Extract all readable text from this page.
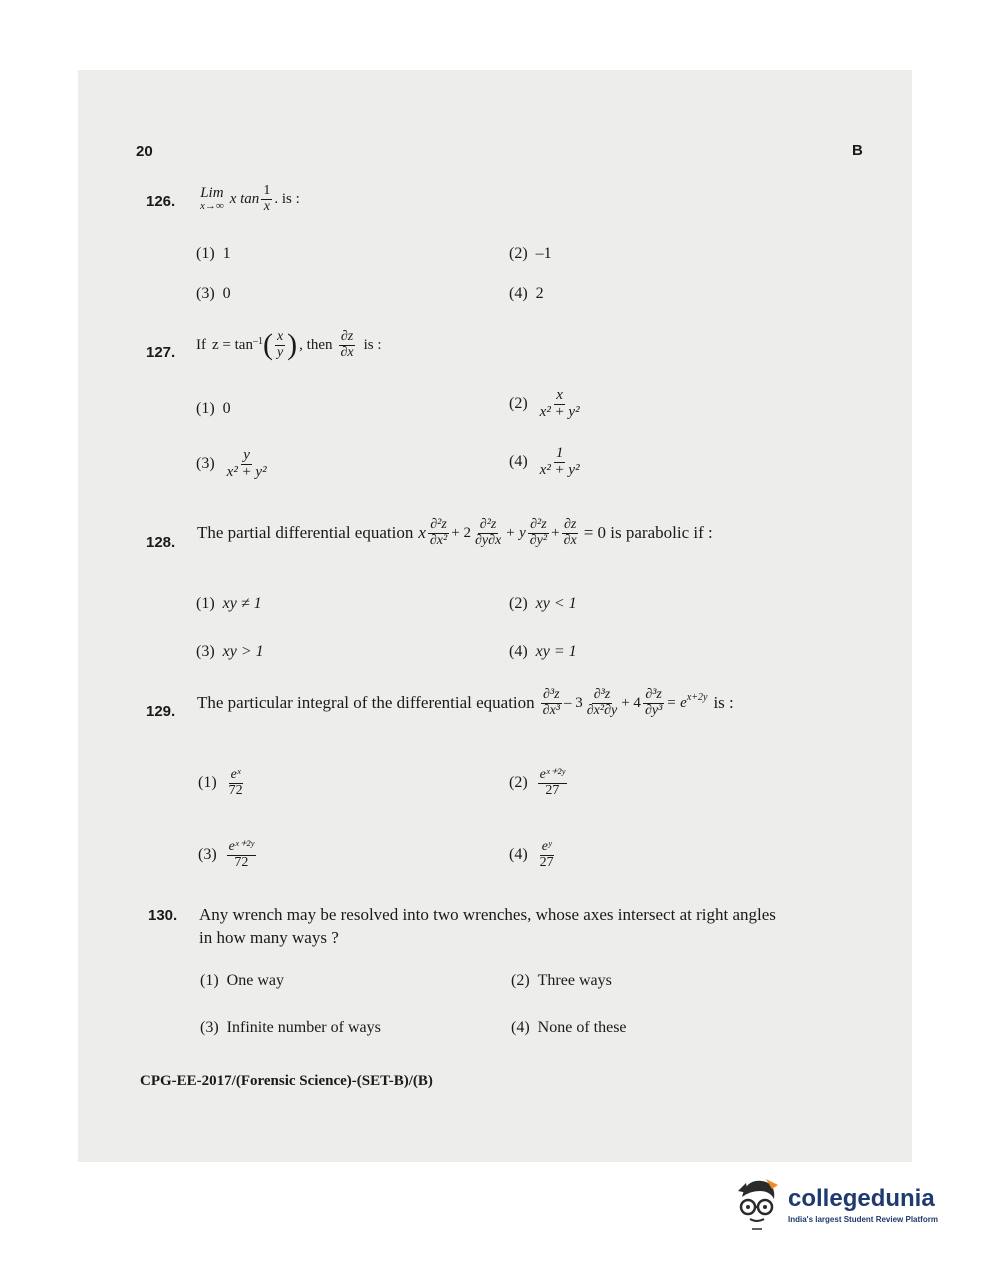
20	B
126. Lim
x→∞ x $\tan \frac{1}{x}$ . is :
(1) 1	(2) –1
(3) 0	(4) 2
127. If $z = \tan^{-1}$ ( $\frac{x}{y}$ ) , then $\frac{\partial z}{\partial x}$ is :
(1) 0	$(2) \frac{x}{\text{x² + y²}}$
$(3) \frac{y}{\text{x² + y²}}$	$(4) \frac{1}{\text{x² + y²}}$
128.
The partial differential equation x $\frac{\text{∂²z}}{\text{∂x²}} + 2 \frac{\text{∂²z}}{\partial y\partial x} + y \frac{\text{∂²z}}{\text{∂y²}} + \frac{\partial z}{\partial x} = 0$ is parabolic if :
(1) xy ≠ 1	(2) xy < 1
(3) xy > 1	(4) xy = 1
129. The particular integral of the differential equation $\frac{\text{∂³z}}{\text{∂x³}} - 3 \frac{\text{∂³z}}{\text{∂x²∂y}} + 4 \frac{\text{∂³z}}{\text{∂y³}} = e^{x+2y}$ is :
$(1) \frac{\text{eˣ}}{72}$	$(2) \frac{\text{eˣ⁺²ʸ}}{27}$
$(3) \frac{\text{eˣ⁺²ʸ}}{72}$	$(4) \frac{\text{eʸ}}{27}$
130. Any wrench may be resolved into two wrenches, whose axes intersect at right angles
in how many ways ?
(1) One way	(2) Three ways
(3) Infinite number of ways	(4) None of these
CPG-EE-2017/(Forensic Science)-(SET-B)/(B)
collegedunia
India's largest Student Review Platform
